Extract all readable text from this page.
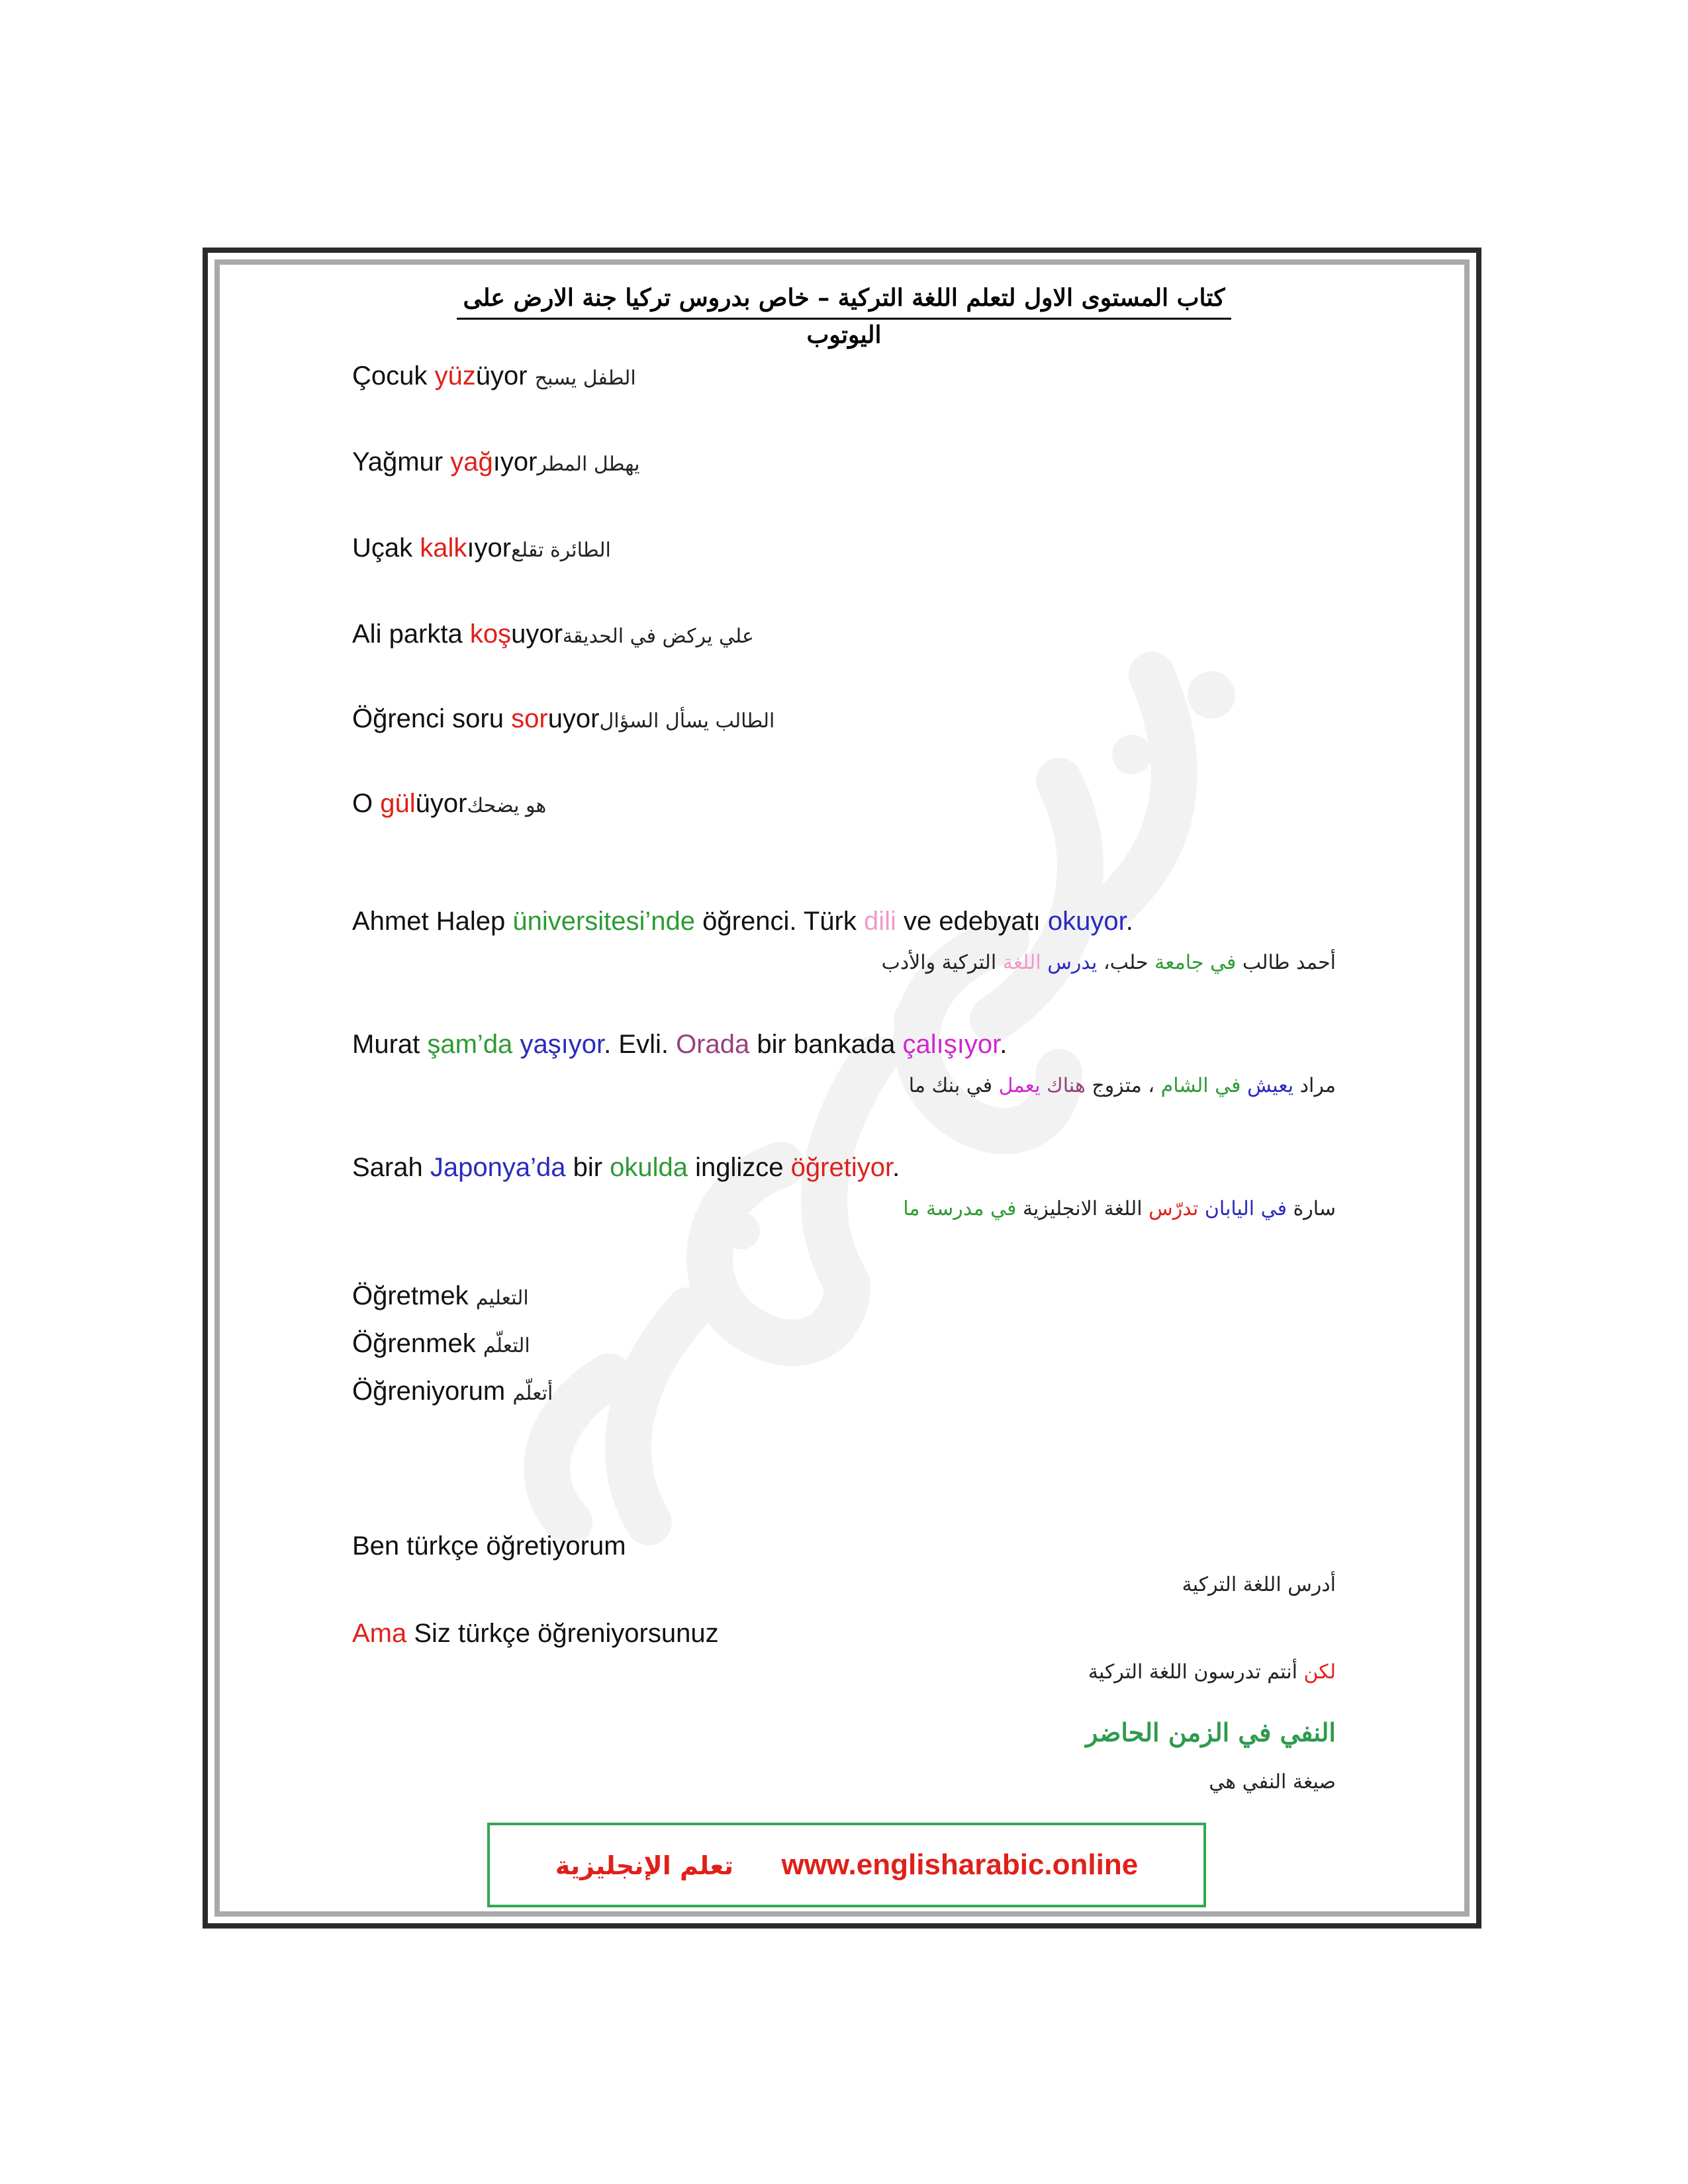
كتاب المستوى الاول لتعلم اللغة التركية – خاص بدروس تركيا جنة الارض على اليوتوب
Çocuk yüzüyor الطفل يسبح
Yağmur yağıyorيهطل المطر
Uçak kalkıyorالطائرة تقلع
Ali parkta koşuyorعلي يركض في الحديقة
Öğrenci soru soruyorالطالب يسأل السؤال
O gülüyorهو يضحك
Ahmet Halep üniversitesi’nde öğrenci. Türk dili ve edebyatı okuyor.
أحمد طالب في جامعة حلب، يدرس اللغة التركية والأدب
Murat şam’da yaşıyor. Evli. Orada bir bankada çalışıyor.
مراد يعيش في الشام ، متزوج هناك يعمل في بنك ما
Sarah Japonya’da bir okulda inglizce öğretiyor.
سارة في اليابان تدرّس اللغة الانجليزية في مدرسة ما
Öğretmek التعليم
Öğrenmek التعلّم
Öğreniyorum أتعلّم
Ben türkçe öğretiyorum
أدرس اللغة التركية
Ama Siz türkçe öğreniyorsunuz
لكن أنتم تدرسون اللغة التركية
النفي في الزمن الحاضر
صيغة النفي هي
تعلم الإنجليزية www.englisharabic.online
